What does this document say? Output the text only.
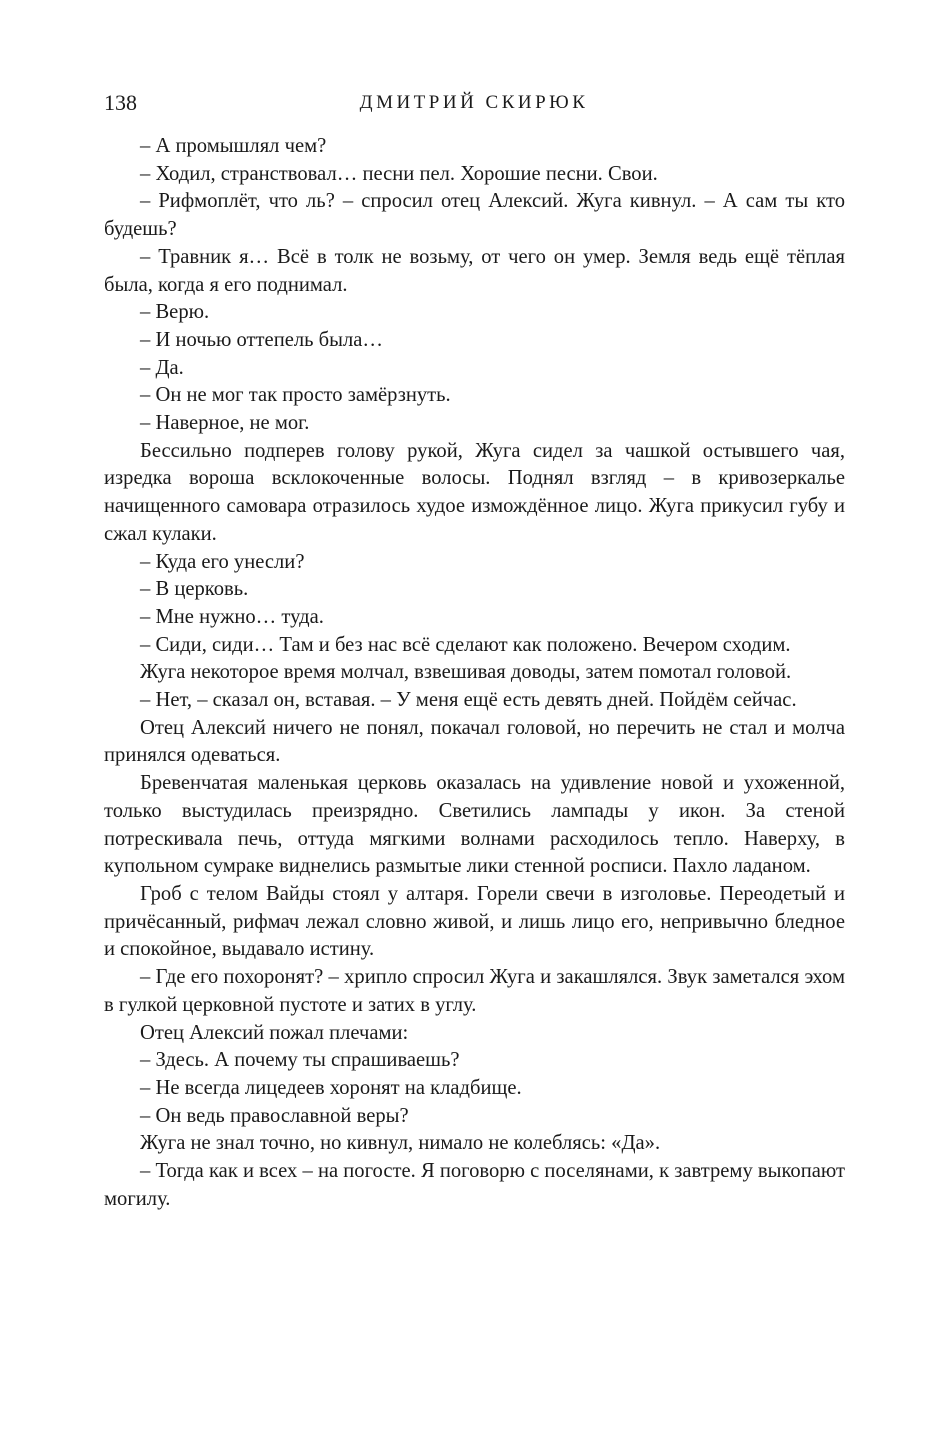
138	ДМИТРИЙ СКИРЮК

– А промышлял чем?

– Ходил, странствовал… песни пел. Хорошие песни. Свои.

– Рифмоплёт, что ль? – спросил отец Алексий. Жуга кивнул. – А сам ты кто будешь?

– Травник я… Всё в толк не возьму, от чего он умер. Земля ведь ещё тёплая была, когда я его поднимал.

– Верю.

– И ночью оттепель была…

– Да.

– Он не мог так просто замёрзнуть.

– Наверное, не мог.

Бессильно подперев голову рукой, Жуга сидел за чашкой остывшего чая, изредка вороша всклокоченные волосы. Поднял взгляд – в кривозеркальe начищенного самовара отразилось худое измождённое лицо. Жуга прикусил губу и сжал кулаки.

– Куда его унесли?

– В церковь.

– Мне нужно… туда.

– Сиди, сиди… Там и без нас всё сделают как положено. Вечером сходим.

Жуга некоторое время молчал, взвешивая доводы, затем помотал головой.

– Нет, – сказал он, вставая. – У меня ещё есть девять дней. Пойдём сейчас.

Отец Алексий ничего не понял, покачал головой, но перечить не стал и молча принялся одеваться.

Бревенчатая маленькая церковь оказалась на удивление новой и ухоженной, только выстудилась преизрядно. Светились лампады у икон. За стеной потрескивала печь, оттуда мягкими волнами расходилось тепло. Наверху, в купольном сумраке виднелись размытые лики стенной росписи. Пахло ладаном.

Гроб с телом Вайды стоял у алтаря. Горели свечи в изголовье. Переодетый и причёсанный, рифмач лежал словно живой, и лишь лицо его, непривычно бледное и спокойное, выдавало истину.

– Где его похоронят? – хрипло спросил Жуга и закашлялся. Звук заметался эхом в гулкой церковной пустоте и затих в углу.

Отец Алексий пожал плечами:

– Здесь. А почему ты спрашиваешь?

– Не всегда лицедеев хоронят на кладбище.

– Он ведь православной веры?

Жуга не знал точно, но кивнул, нимало не колеблясь: «Да».

– Тогда как и всех – на погосте. Я поговорю с поселянами, к завтрему выкопают могилу.
